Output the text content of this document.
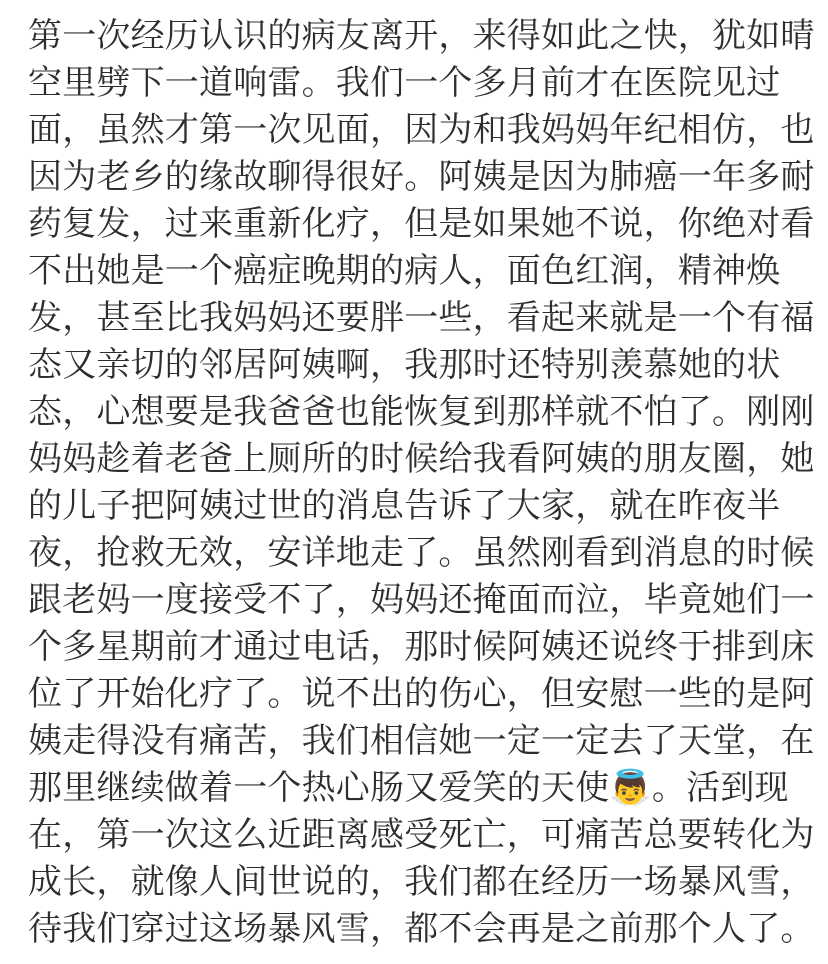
第一次经历认识的病友离开，来得如此之快，犹如晴
空里劈下一道响雷。我们一个多月前才在医院见过
面，虽然才第一次见面，因为和我妈妈年纪相仿，也
因为老乡的缘故聊得很好。阿姨是因为肺癌一年多耐
药复发，过来重新化疗，但是如果她不说，你绝对看
不出她是一个癌症晚期的病人，面色红润，精神焕
发，甚至比我妈妈还要胖一些，看起来就是一个有福
态又亲切的邻居阿姨啊，我那时还特别羡慕她的状
态，心想要是我爸爸也能恢复到那样就不怕了。刚刚
妈妈趁着老爸上厕所的时候给我看阿姨的朋友圈，她
的儿子把阿姨过世的消息告诉了大家，就在昨夜半
夜，抢救无效，安详地走了。虽然刚看到消息的时候
跟老妈一度接受不了，妈妈还掩面而泣，毕竟她们一
个多星期前才通过电话，那时候阿姨还说终于排到床
位了开始化疗了。说不出的伤心，但安慰一些的是阿
姨走得没有痛苦，我们相信她一定一定去了天堂，在
那里继续做着一个热心肠又爱笑的天使👼。活到现
在，第一次这么近距离感受死亡，可痛苦总要转化为
成长，就像人间世说的，我们都在经历一场暴风雪，
待我们穿过这场暴风雪，都不会再是之前那个人了。
